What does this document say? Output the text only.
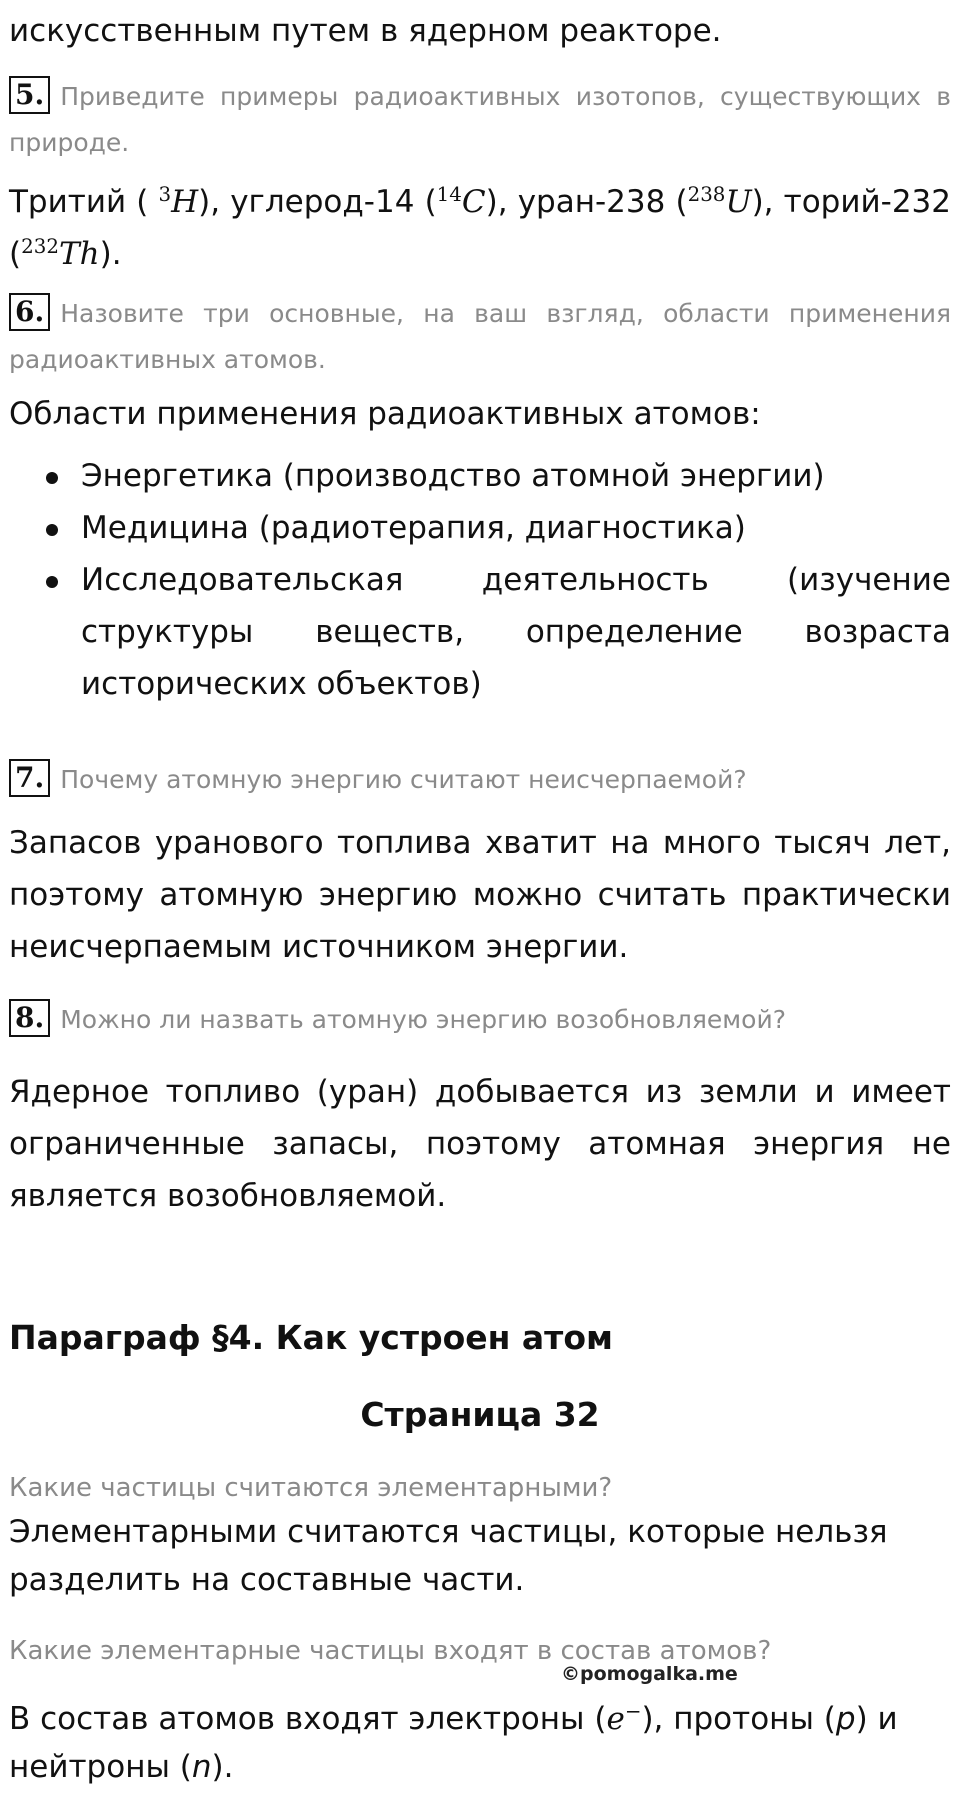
искусственным путем в ядерном реакторе.
5. Приведите примеры радиоактивных изотопов, существующих в природе.
Тритий ( $^3$H), углерод-14 ($^{14}$C), уран-238 ($^{238}$U), торий-232 ($^{232}$Th).
6. Назовите три основные, на ваш взгляд, области применения радиоактивных атомов.
Области применения радиоактивных атомов:
Энергетика (производство атомной энергии)
Медицина (радиотерапия, диагностика)
Исследовательская деятельность (изучение структуры веществ, определение возраста исторических объектов)
7. Почему атомную энергию считают неисчерпаемой?
Запасов уранового топлива хватит на много тысяч лет, поэтому атомную энергию можно считать практически неисчерпаемым источником энергии.
8. Можно ли назвать атомную энергию возобновляемой?
Ядерное топливо (уран) добывается из земли и имеет ограниченные запасы, поэтому атомная энергия не является возобновляемой.
Параграф §4. Как устроен атом
Страница 32
Какие частицы считаются элементарными?
Элементарными считаются частицы, которые нельзя разделить на составные части.
Какие элементарные частицы входят в состав атомов?
В состав атомов входят электроны (e−), протоны (p) и нейтроны (n).
©pomogalka.me
